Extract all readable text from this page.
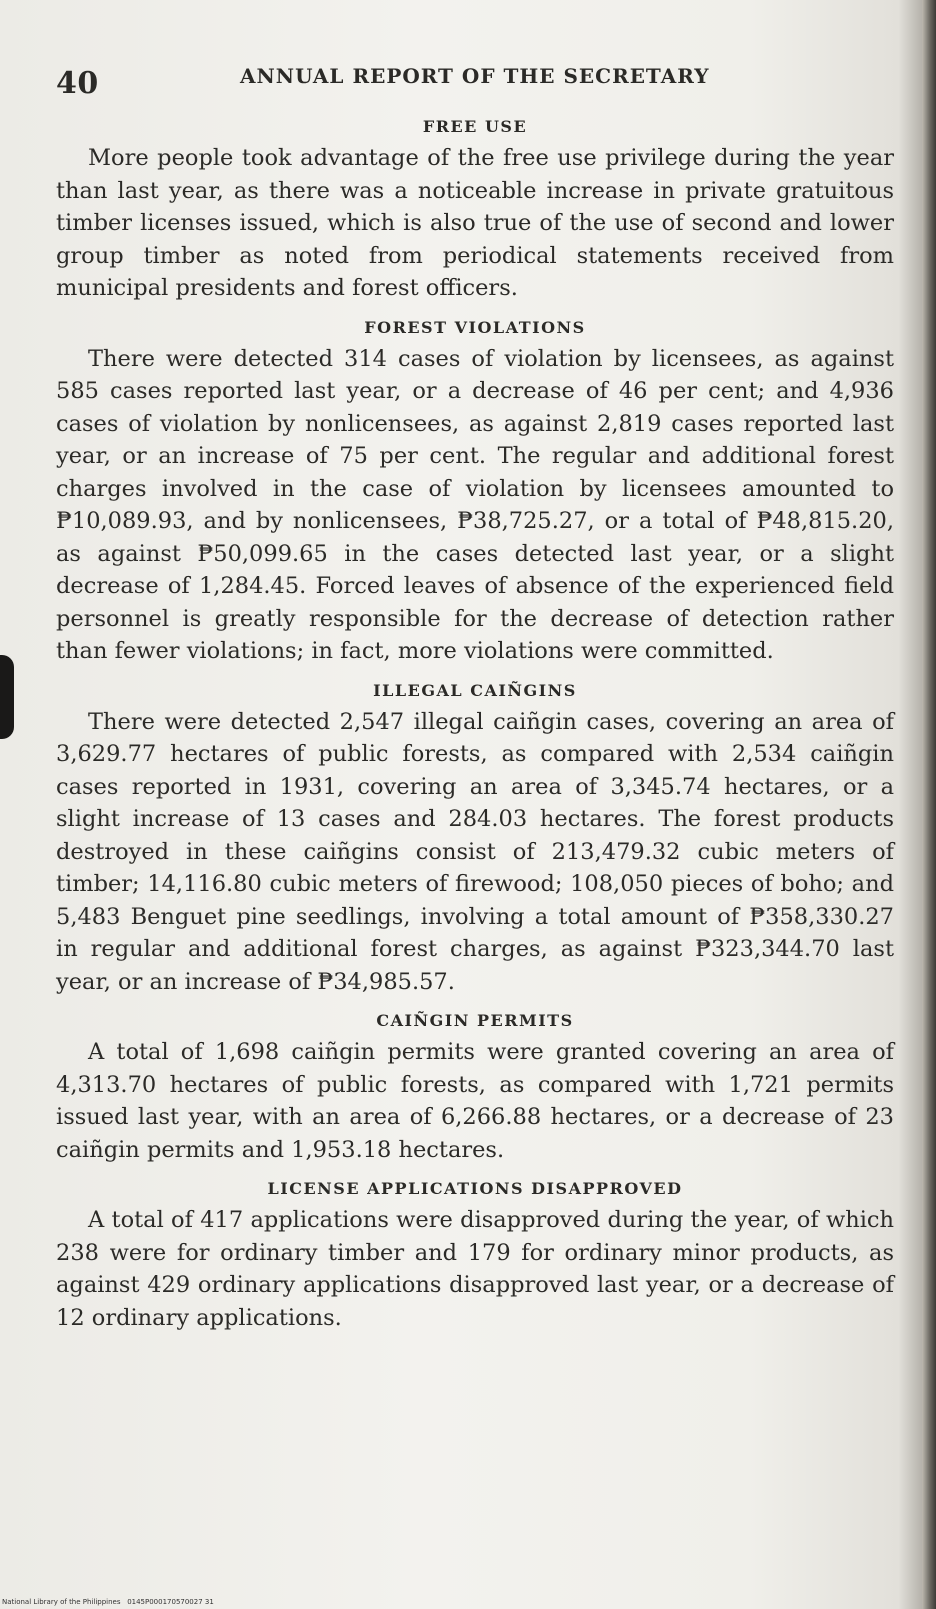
40	ANNUAL REPORT OF THE SECRETARY
FREE USE

More people took advantage of the free use privilege during the year than last year, as there was a noticeable increase in private gratuitous timber licenses issued, which is also true of the use of second and lower group timber as noted from periodical statements received from municipal presidents and forest officers.

FOREST VIOLATIONS

There were detected 314 cases of violation by licensees, as against 585 cases reported last year, or a decrease of 46 per cent; and 4,936 cases of violation by nonlicensees, as against 2,819 cases reported last year, or an increase of 75 per cent. The regular and additional forest charges involved in the case of violation by licensees amounted to ₱10,089.93, and by nonlicensees, ₱38,725.27, or a total of ₱48,815.20, as against ₱50,099.65 in the cases detected last year, or a slight decrease of 1,284.45. Forced leaves of absence of the experienced field personnel is greatly responsible for the decrease of detection rather than fewer violations; in fact, more violations were committed.

ILLEGAL CAIÑGINS

There were detected 2,547 illegal caiñgin cases, covering an area of 3,629.77 hectares of public forests, as compared with 2,534 caiñgin cases reported in 1931, covering an area of 3,345.74 hectares, or a slight increase of 13 cases and 284.03 hectares. The forest products destroyed in these caiñgins consist of 213,479.32 cubic meters of timber; 14,116.80 cubic meters of firewood; 108,050 pieces of boho; and 5,483 Benguet pine seedlings, involving a total amount of ₱358,330.27 in regular and additional forest charges, as against ₱323,344.70 last year, or an increase of ₱34,985.57.

CAIÑGIN PERMITS

A total of 1,698 caiñgin permits were granted covering an area of 4,313.70 hectares of public forests, as compared with 1,721 permits issued last year, with an area of 6,266.88 hectares, or a decrease of 23 caiñgin permits and 1,953.18 hectares.

LICENSE APPLICATIONS DISAPPROVED

A total of 417 applications were disapproved during the year, of which 238 were for ordinary timber and 179 for ordinary minor products, as against 429 ordinary applications disapproved last year, or a decrease of 12 ordinary applications.

National Library of the Philippines 0145P000170570027 31
